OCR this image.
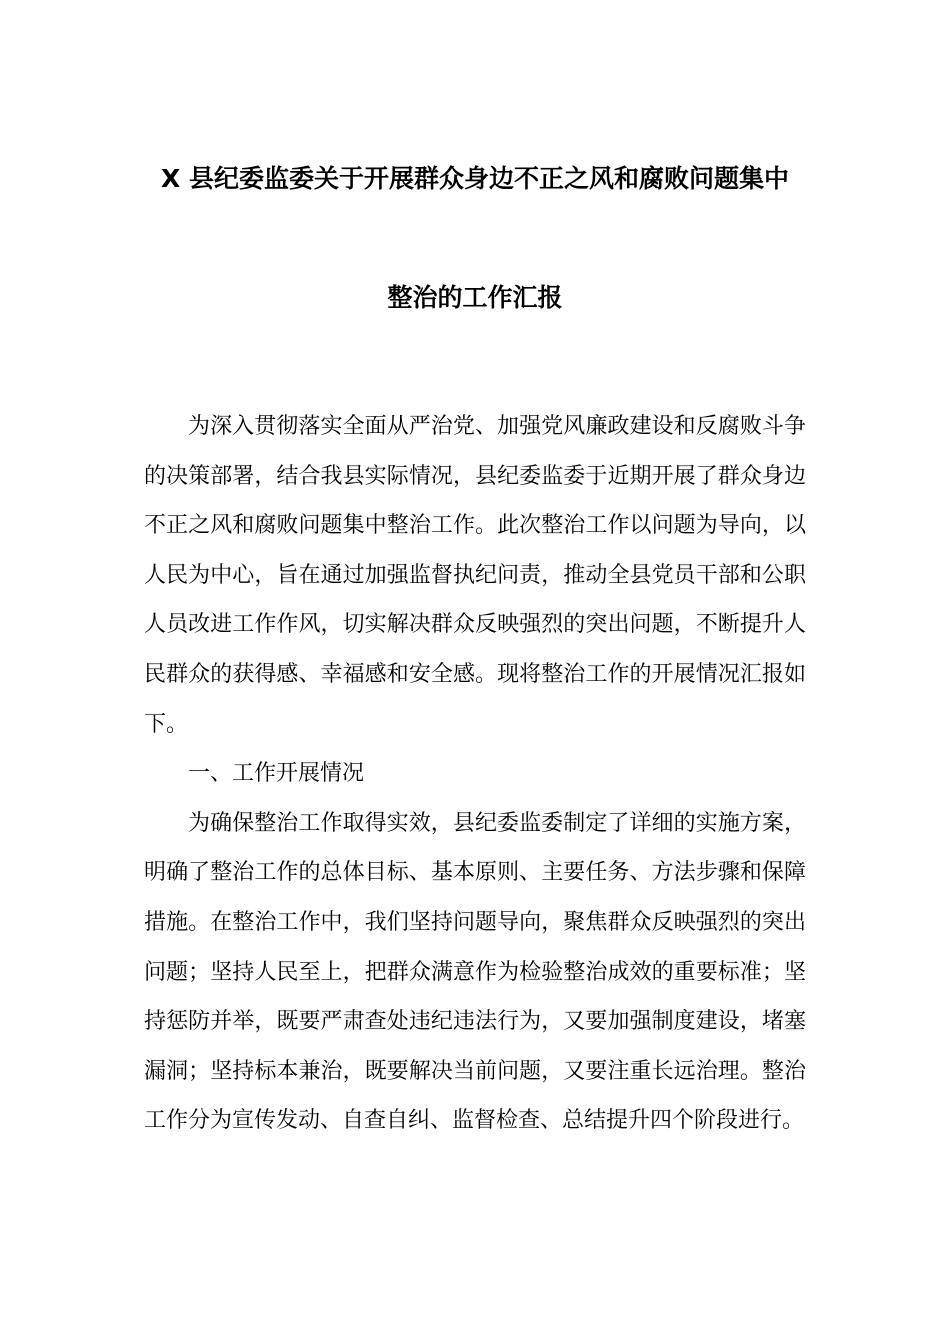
X 县纪委监委关于开展群众身边不正之风和腐败问题集中
整治的工作汇报

为深入贯彻落实全面从严治党、加强党风廉政建设和反腐败斗争的决策部署，结合我县实际情况，县纪委监委于近期开展了群众身边不正之风和腐败问题集中整治工作。此次整治工作以问题为导向，以人民为中心，旨在通过加强监督执纪问责，推动全县党员干部和公职人员改进工作作风，切实解决群众反映强烈的突出问题，不断提升人民群众的获得感、幸福感和安全感。现将整治工作的开展情况汇报如下。

一、工作开展情况

为确保整治工作取得实效，县纪委监委制定了详细的实施方案，明确了整治工作的总体目标、基本原则、主要任务、方法步骤和保障措施。在整治工作中，我们坚持问题导向，聚焦群众反映强烈的突出问题；坚持人民至上，把群众满意作为检验整治成效的重要标准；坚持惩防并举，既要严肃查处违纪违法行为，又要加强制度建设，堵塞漏洞；坚持标本兼治，既要解决当前问题，又要注重长远治理。整治工作分为宣传发动、自查自纠、监督检查、总结提升四个阶段进行。
